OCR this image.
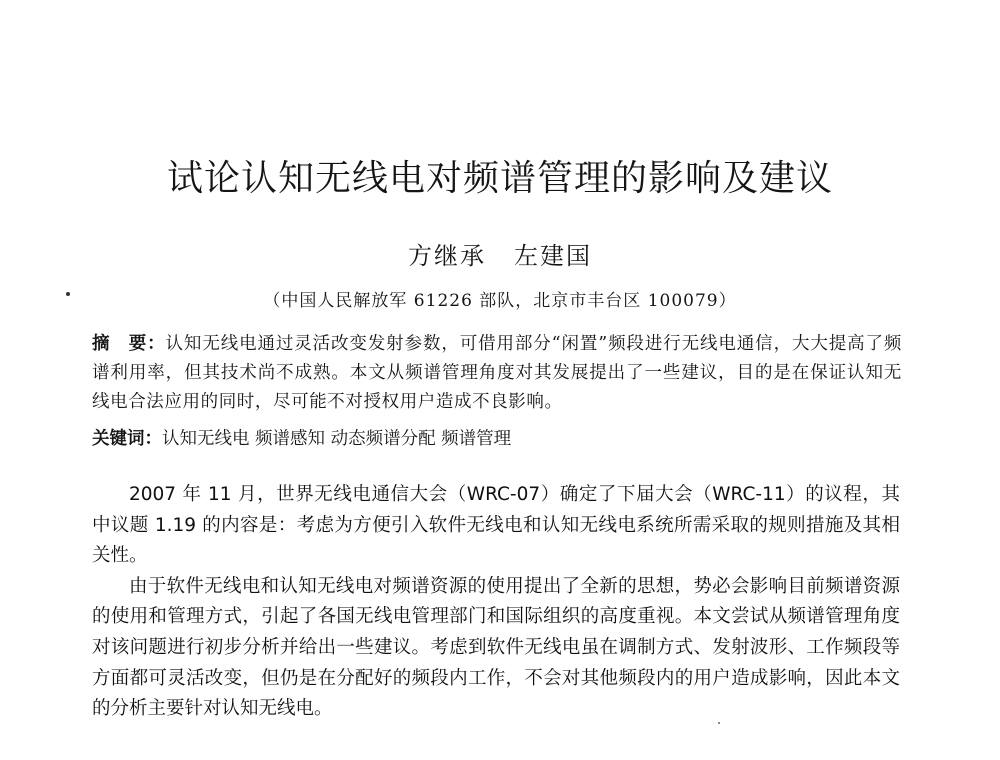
试论认知无线电对频谱管理的影响及建议
方继承 左建国
（中国人民解放军 61226 部队，北京市丰台区 100079）
摘　要：认知无线电通过灵活改变发射参数，可借用部分“闲置”频段进行无线电通信，大大提高了频谱利用率，但其技术尚不成熟。本文从频谱管理角度对其发展提出了一些建议，目的是在保证认知无线电合法应用的同时，尽可能不对授权用户造成不良影响。
关键词：认知无线电 频谱感知 动态频谱分配 频谱管理

2007 年 11 月，世界无线电通信大会（WRC-07）确定了下届大会（WRC-11）的议程，其中议题 1.19 的内容是：考虑为方便引入软件无线电和认知无线电系统所需采取的规则措施及其相关性。

由于软件无线电和认知无线电对频谱资源的使用提出了全新的思想，势必会影响目前频谱资源的使用和管理方式，引起了各国无线电管理部门和国际组织的高度重视。本文尝试从频谱管理角度对该问题进行初步分析并给出一些建议。考虑到软件无线电虽在调制方式、发射波形、工作频段等方面都可灵活改变，但仍是在分配好的频段内工作，不会对其他频段内的用户造成影响，因此本文的分析主要针对认知无线电。
